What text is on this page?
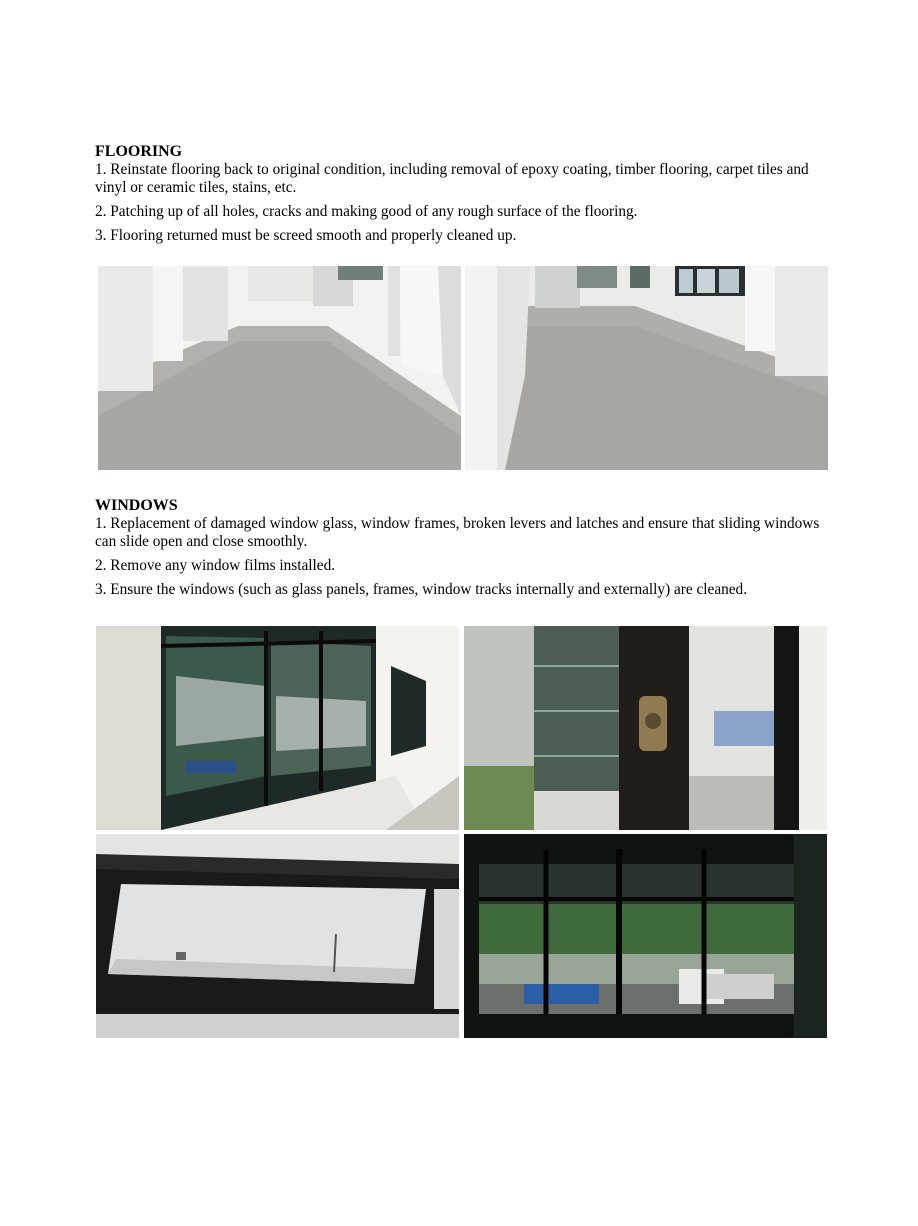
FLOORING

1. Reinstate flooring back to original condition, including removal of epoxy coating, timber flooring, carpet tiles and vinyl or ceramic tiles, stains, etc.

2. Patching up of all holes, cracks and making good of any rough surface of the flooring.

3. Flooring returned must be screed smooth and properly cleaned up.

WINDOWS

1. Replacement of damaged window glass, window frames, broken levers and latches and ensure that sliding windows can slide open and close smoothly.

2. Remove any window films installed.

3. Ensure the windows (such as glass panels, frames, window tracks internally and externally) are cleaned.
